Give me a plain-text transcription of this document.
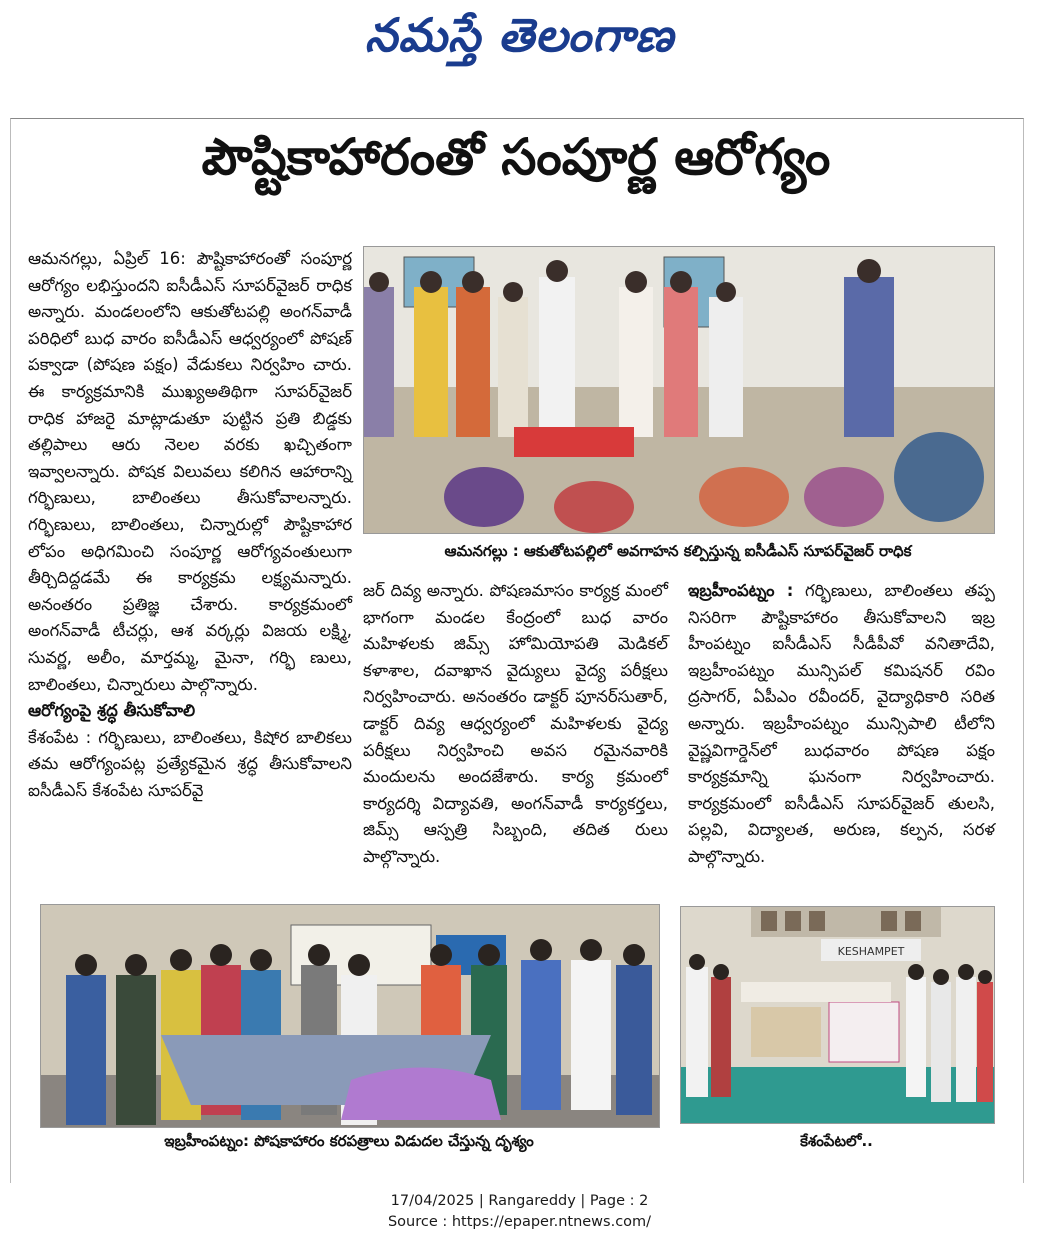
నమస్తే తెలంగాణ
పౌష్టికాహారంతో సంపూర్ణ ఆరోగ్యం
ఆమనగల్లు : ఆకుతోటపల్లిలో అవగాహన కల్పిస్తున్న ఐసీడీఎస్ సూపర్‌వైజర్ రాధిక

ఆమనగల్లు, ఏప్రిల్ 16: పౌష్టికాహారంతో సంపూర్ణ ఆరోగ్యం లభిస్తుందని ఐసీడీఎస్ సూపర్‌వైజర్ రాధిక అన్నారు. మండలంలోని ఆకుతోటపల్లి అంగన్‌వాడీ పరిధిలో బుధ వారం ఐసీడీఎస్ ఆధ్వర్యంలో పోషణ్ పక్వాడా (పోషణ పక్షం) వేడుకలు నిర్వహిం చారు. ఈ కార్యక్రమానికి ముఖ్యఅతిథిగా సూపర్‌వైజర్ రాధిక హాజరై మాట్లాడుతూ పుట్టిన ప్రతి బిడ్డకు తల్లిపాలు ఆరు నెలల వరకు ఖచ్చితంగా ఇవ్వాలన్నారు. పోషక విలువలు కలిగిన ఆహారాన్ని గర్భిణులు, బాలింతలు తీసుకోవాలన్నారు. గర్భిణులు, బాలింతలు, చిన్నారుల్లో పౌష్టికాహార లోపం అధిగమించి సంపూర్ణ ఆరోగ్యవంతులుగా తీర్చిదిద్దడమే ఈ కార్యక్రమ లక్ష్యమన్నారు. అనంతరం ప్రతిజ్ఞ చేశారు. కార్యక్రమంలో అంగన్‌వాడీ టీచర్లు, ఆశ వర్కర్లు విజయ లక్ష్మి, సువర్ణ, అలీం, మార్తమ్మ, మైనా, గర్భి ణులు, బాలింతలు, చిన్నారులు పాల్గొన్నారు.

ఆరోగ్యంపై శ్రద్ధ తీసుకోవాలి

కేశంపేట : గర్భిణులు, బాలింతలు, కిషోర బాలికలు తమ ఆరోగ్యంపట్ల ప్రత్యేకమైన శ్రద్ధ తీసుకోవాలని ఐసీడీఎస్ కేశంపేట సూపర్‌వై

జర్ దివ్య అన్నారు. పోషణమాసం కార్యక్ర మంలో భాగంగా మండల కేంద్రంలో బుధ వారం మహిళలకు జిమ్స్ హోమియోపతి మెడికల్ కళాశాల, దవాఖాన వైద్యులు వైద్య పరీక్షలు నిర్వహించారు. అనంతరం డాక్టర్ పూనర్‌సుతార్, డాక్టర్ దివ్య ఆధ్వర్యంలో మహిళలకు వైద్య పరీక్షలు నిర్వహించి అవస రమైనవారికి మందులను అందజేశారు. కార్య క్రమంలో కార్యదర్శి విద్యావతి, అంగన్‌వాడీ కార్యకర్తలు, జిమ్స్ ఆస్పత్రి సిబ్బంది, తదిత రులు పాల్గొన్నారు.

ఇబ్రహీంపట్నం : గర్భిణులు, బాలింతలు తప్ప నిసరిగా పౌష్టికాహారం తీసుకోవాలని ఇబ్ర హీంపట్నం ఐసీడీఎస్ సీడీపీవో వనితాదేవి, ఇబ్రహీంపట్నం మున్సిపల్ కమిషనర్ రవిం ద్రసాగర్, ఏపీఎం రవీందర్, వైద్యాధికారి సరిత అన్నారు. ఇబ్రహీంపట్నం మున్సిపాలి టీలోని వైష్ణవిగార్డెన్‌లో బుధవారం పోషణ పక్షం కార్యక్రమాన్ని ఘనంగా నిర్వహించారు. కార్యక్రమంలో ఐసీడీఎస్ సూపర్‌వైజర్ తులసి, పల్లవి, విద్యాలత, అరుణ, కల్పన, సరళ పాల్గొన్నారు.

ఇబ్రహీంపట్నం: పోషకాహారం కరపత్రాలు విడుదల చేస్తున్న దృశ్యం
KESHAMPET
కేశంపేటలో..
17/04/2025 | Rangareddy | Page : 2
Source : https://epaper.ntnews.com/
